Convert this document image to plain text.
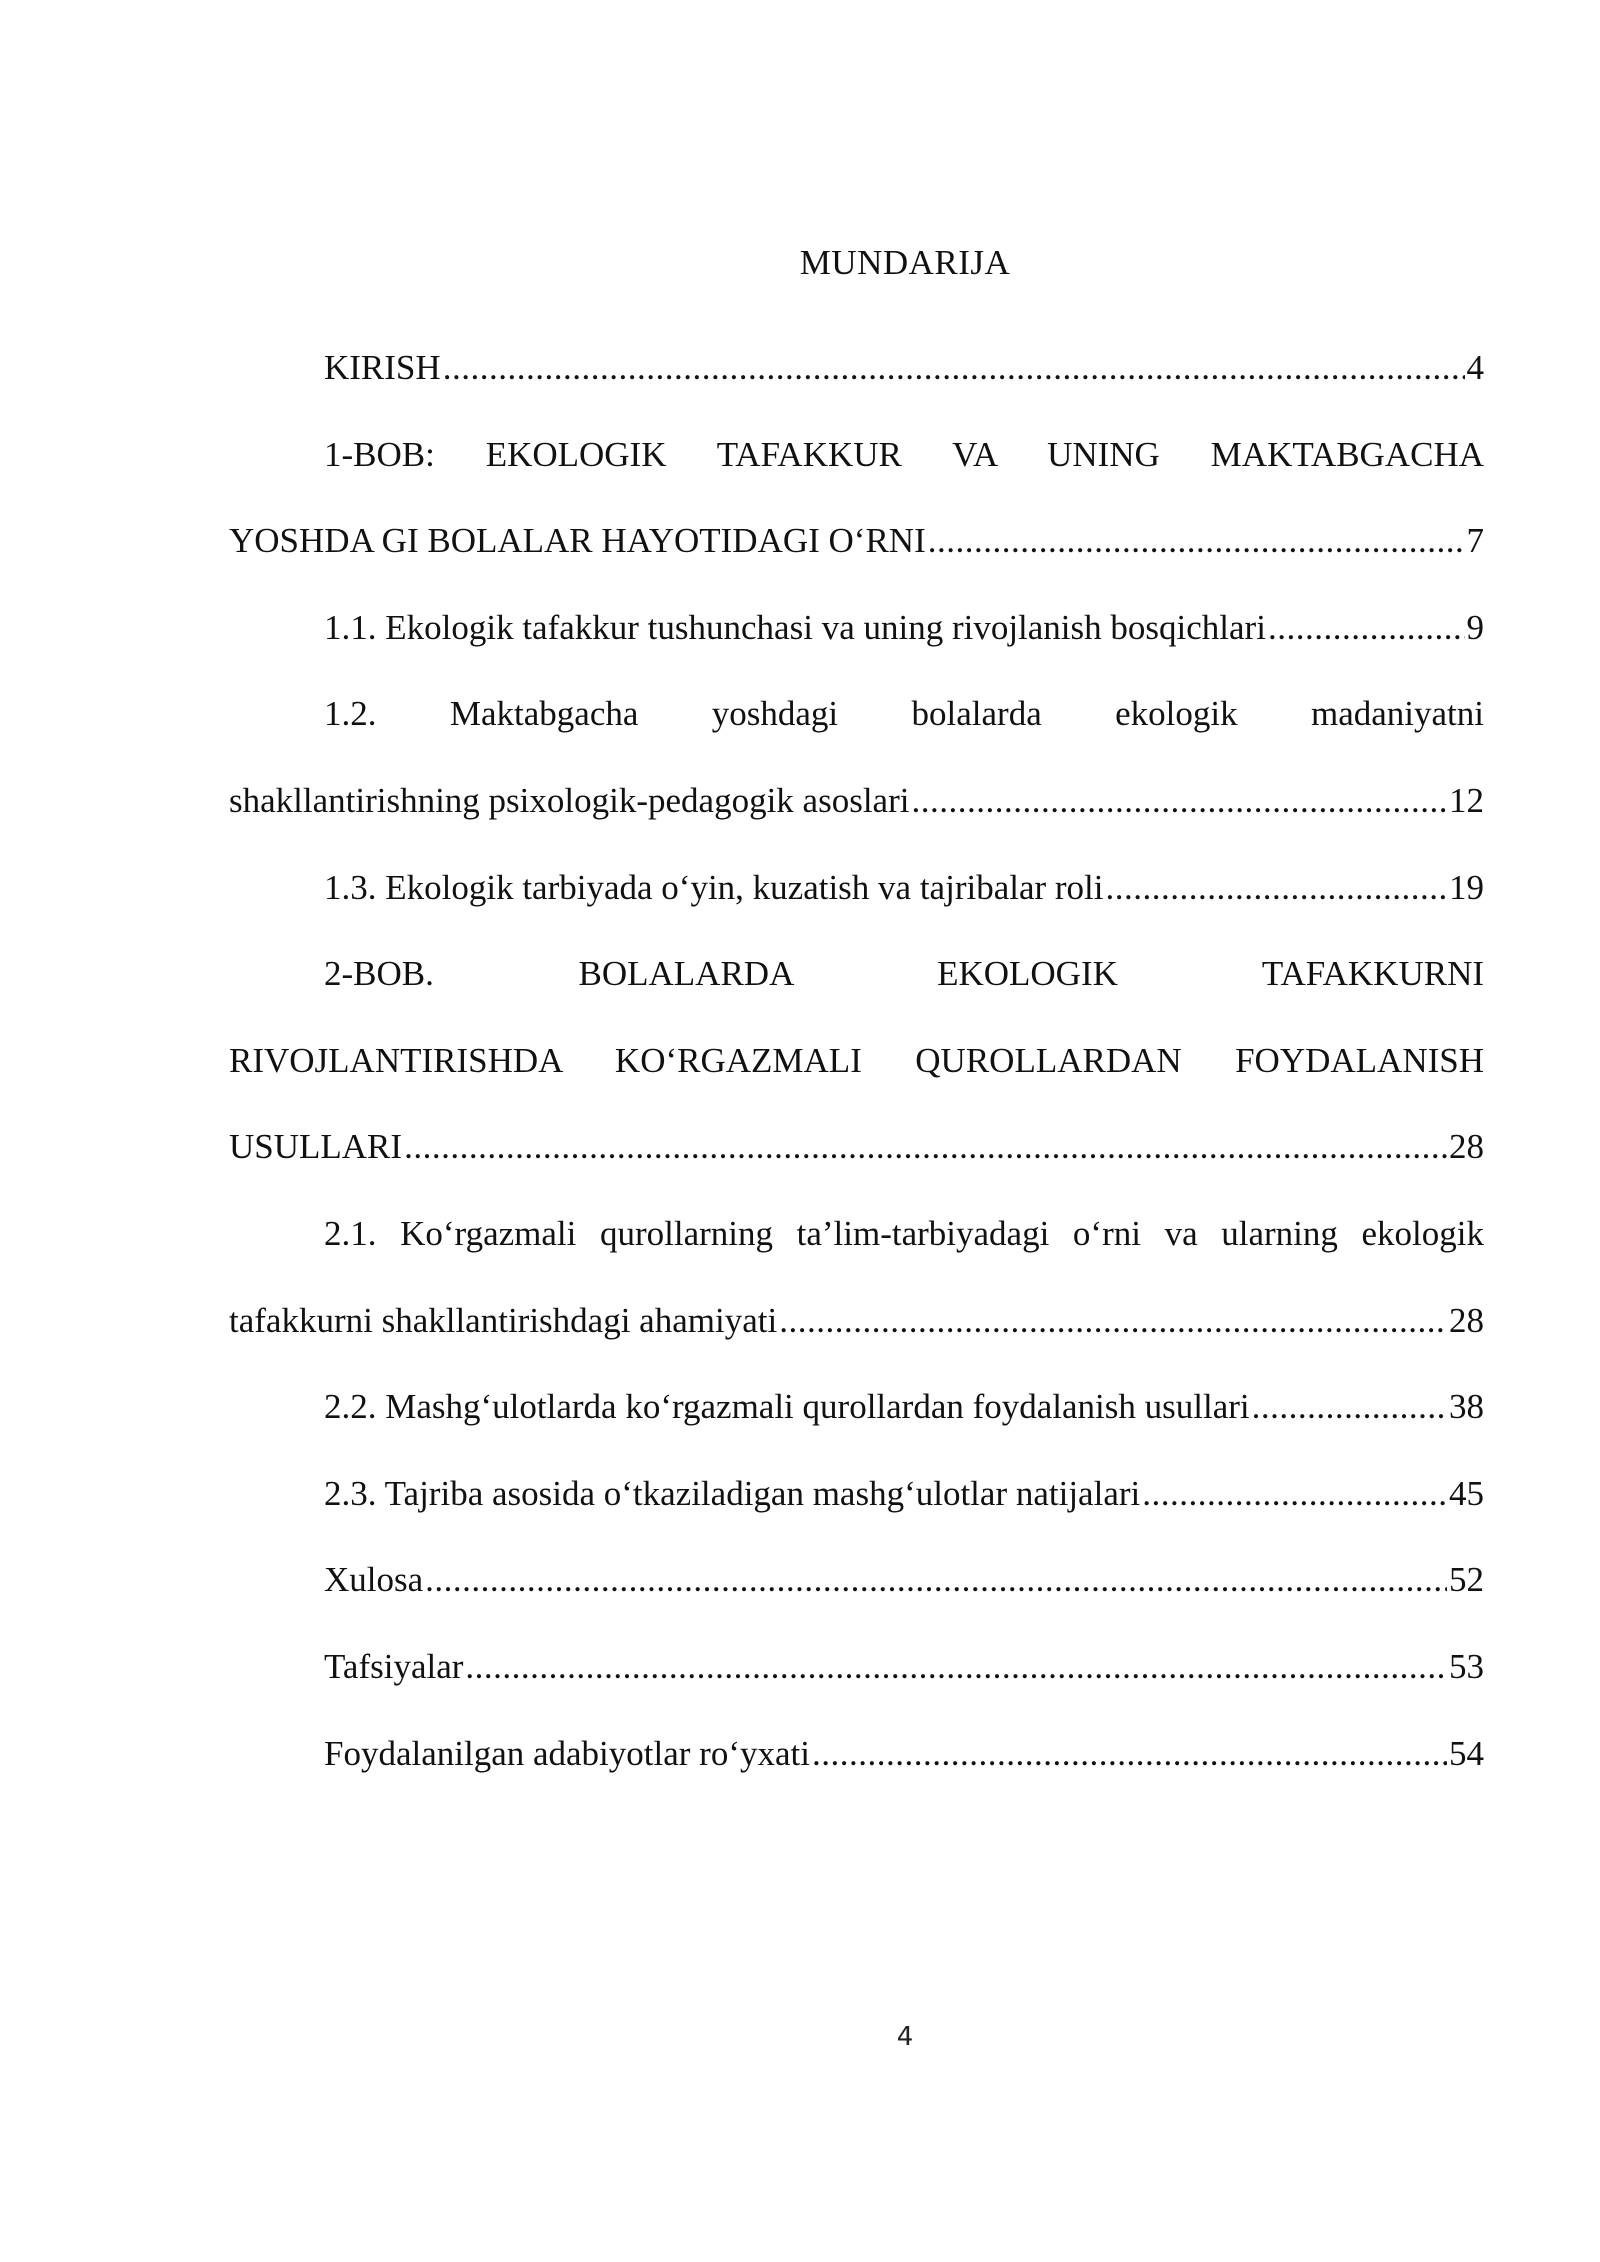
MUNDARIJA
KIRISH .....	4
1-BOB: EKOLOGIK TAFAKKUR VA UNING MAKTABGACHA
YOSHDA GI BOLALAR HAYOTIDAGI O‘RNI .....	7
1.1. Ekologik tafakkur tushunchasi va uning rivojlanish bosqichlari .....	9
1.2. Maktabgacha yoshdagi bolalarda ekologik madaniyatni
shakllantirishning psixologik-pedagogik asoslari .....	12
1.3. Ekologik tarbiyada o‘yin, kuzatish va tajribalar roli .....	19
2-BOB. BOLALARDA EKOLOGIK TAFAKKURNI
RIVOJLANTIRISHDA KO‘RGAZMALI QUROLLARDAN FOYDALANISH
USULLARI .....	28
2.1. Ko‘rgazmali qurollarning ta’lim-tarbiyadagi o‘rni va ularning ekologik
tafakkurni shakllantirishdagi ahamiyati .....	28
2.2. Mashg‘ulotlarda ko‘rgazmali qurollardan foydalanish usullari .....	38
2.3. Tajriba asosida o‘tkaziladigan mashg‘ulotlar natijalari .....	45
Xulosa .....	52
Tafsiyalar .....	53
Foydalanilgan adabiyotlar ro‘yxati .....	54
4
